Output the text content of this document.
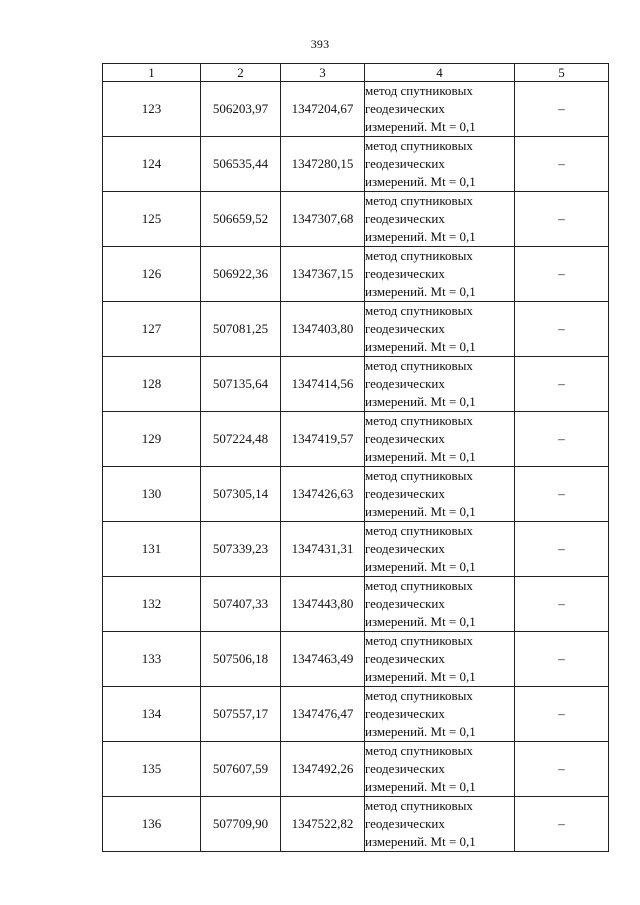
393
1	2	3	4	5
123	506203,97	1347204,67	метод спутниковых
геодезических
измерений. Mt = 0,1	–
124	506535,44	1347280,15	метод спутниковых
геодезических
измерений. Mt = 0,1	–
125	506659,52	1347307,68	метод спутниковых
геодезических
измерений. Mt = 0,1	–
126	506922,36	1347367,15	метод спутниковых
геодезических
измерений. Mt = 0,1	–
127	507081,25	1347403,80	метод спутниковых
геодезических
измерений. Mt = 0,1	–
128	507135,64	1347414,56	метод спутниковых
геодезических
измерений. Mt = 0,1	–
129	507224,48	1347419,57	метод спутниковых
геодезических
измерений. Mt = 0,1	–
130	507305,14	1347426,63	метод спутниковых
геодезических
измерений. Mt = 0,1	–
131	507339,23	1347431,31	метод спутниковых
геодезических
измерений. Mt = 0,1	–
132	507407,33	1347443,80	метод спутниковых
геодезических
измерений. Mt = 0,1	–
133	507506,18	1347463,49	метод спутниковых
геодезических
измерений. Mt = 0,1	–
134	507557,17	1347476,47	метод спутниковых
геодезических
измерений. Mt = 0,1	–
135	507607,59	1347492,26	метод спутниковых
геодезических
измерений. Mt = 0,1	–
136	507709,90	1347522,82	метод спутниковых
геодезических
измерений. Mt = 0,1	–
